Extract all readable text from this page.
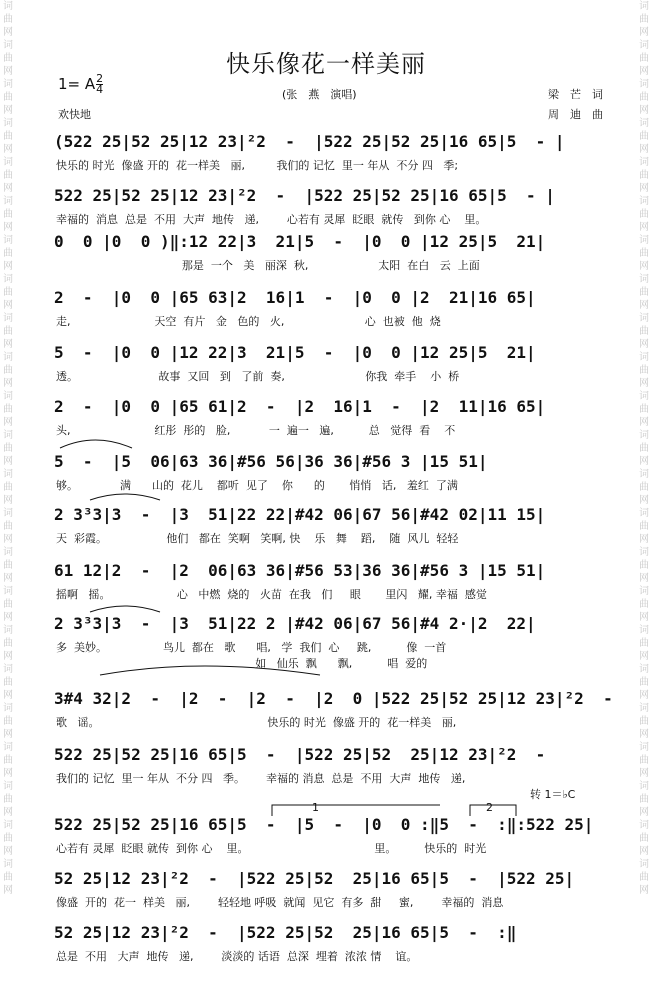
词曲网词曲网词曲网词曲网词曲网词曲网词曲网词曲网词曲网词曲网词曲网词曲网词曲网词曲网词曲网词曲网词曲网词曲网词曲网词曲网词曲网词曲网词曲网
词曲网词曲网词曲网词曲网词曲网词曲网词曲网词曲网词曲网词曲网词曲网词曲网词曲网词曲网词曲网词曲网词曲网词曲网词曲网词曲网词曲网词曲网词曲网
快乐像花一样美丽
1= A $\frac{2}{4}$	(张　燕　演唱)
欢快地
梁　芒　词
周　迪　曲
(522 25|52 25|12 23|²2  -  |522 25|52 25|16 65|5  - |
快乐的 时光  像盛 开的  花一样美   丽,         我们的 记忆  里一 年从  不分 四   季;
522 25|52 25|12 23|²2  -  |522 25|52 25|16 65|5  - |
幸福的  消息  总是  不用  大声  地传   递,        心若有 灵犀  眨眼  就传   到你 心    里。
0  0 |0  0 )‖:12 22|3  21|5  -  |0  0 |12 25|5  21|
那是  一个   美   丽深  秋,                    太阳  在白   云  上面
2  -  |0  0 |65 63|2  16|1  -  |0  0 |2  21|16 65|
走,                        天空  有片   金   色的   火,                       心  也被  他  烧
5  -  |0  0 |12 22|3  21|5  -  |0  0 |12 25|5  21|
透。                       故事  又回   到   了前  奏,                       你我  牵手    小  桥
2  -  |0  0 |65 61|2  -  |2  16|1  -  |2  11|16 65|
头,                        红彤  彤的   脸,           一  遍一   遍,          总   觉得  看    不
5  -  |5  06|63 36|#56 56|36 36|#56 3 |15 51|
够。            满      山的  花儿    都听  见了    你      的       悄悄   话,   羞红  了满
2 3³3|3  -  |3  51|22 22|#42 06|67 56|#42 02|11 15|
天  彩霞。                 他们   都在  笑啊   笑啊, 快    乐   舞    蹈,    随  风儿  轻轻
61 12|2  -  |2  06|63 36|#56 53|36 36|#56 3 |15 51|
摇啊   摇。                   心   中燃  烧的   火苗  在我   们     眼       里闪   耀, 幸福  感觉
2 3³3|3  -  |3  51|22 2 |#42 06|67 56|#4 2·|2  22|
多  美妙。                鸟儿  都在   歌      唱,   学  我们  心     跳,          像  一首
如   仙乐  飘      飘,          唱  爱的
3#4 32|2  -  |2  -  |2  -  |2  0 |522 25|52 25|12 23|²2  -
歌   谣。                                                快乐的 时光  像盛 开的  花一样美   丽,
522 25|52 25|16 65|5  -  |522 25|52  25|12 23|²2  -
我们的 记忆  里一 年从  不分 四   季。      幸福的 消息  总是  不用  大声  地传   递,
522 25|52 25|16 65|5  -  |5  -  |0  0 :‖5  -  :‖:522 25|
心若有 灵犀  眨眼 就传  到你 心    里。                                    里。        快乐的  时光
52 25|12 23|²2  -  |522 25|52  25|16 65|5  -  |522 25|
像盛  开的  花一  样美   丽,        轻轻地 呼吸  就闻  见它  有多  甜     蜜,        幸福的  消息
52 25|12 23|²2  -  |522 25|52  25|16 65|5  -  :‖
总是  不用   大声  地传   递,        淡淡的 话语  总深  埋着  浓浓 情    谊。
1	2
转 1＝♭C
